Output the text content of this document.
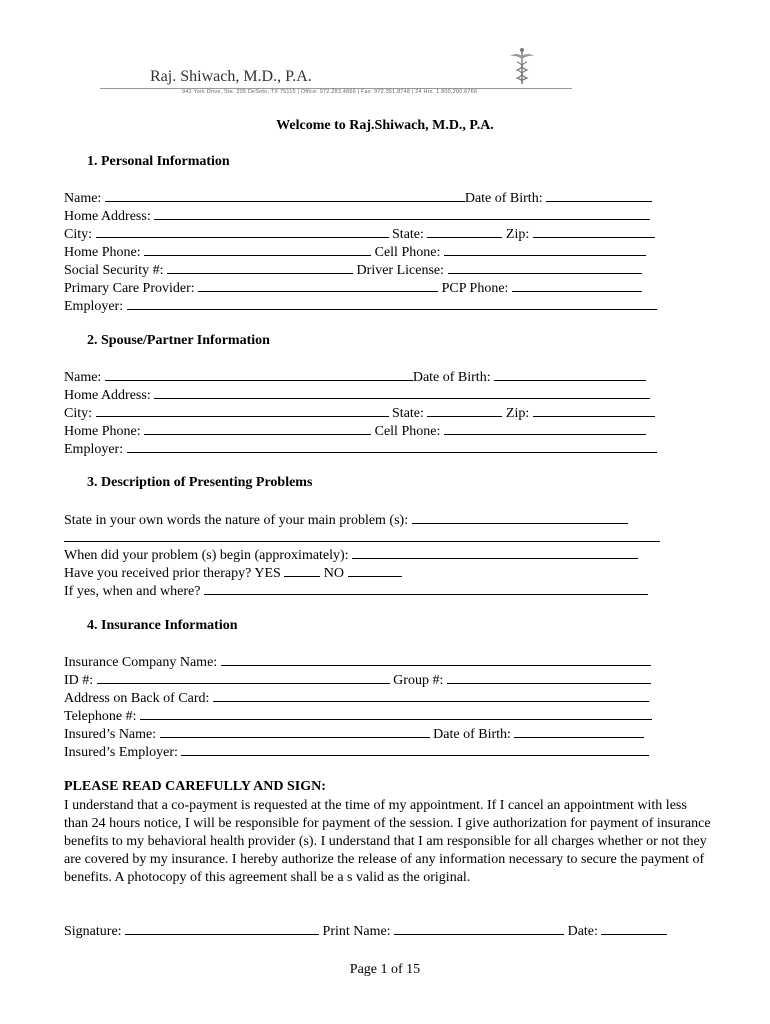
Raj. Shiwach, M.D., P.A.
941 York Drive, Ste. 205 DeSoto, TX 75115 | Office: 972.283.4866 | Fax: 972.351.8748 | 24 Hrs. 1.800.200.6766
Welcome to Raj.Shiwach, M.D., P.A.
1. Personal Information
Name:	Date of Birth:
Home Address:
City:	State:	Zip:
Home Phone:	Cell Phone:
Social Security #:	Driver License:
Primary Care Provider:	PCP Phone:
Employer:
2. Spouse/Partner Information
Name:	Date of Birth:
Home Address:
City:	State:	Zip:
Home Phone:	Cell Phone:
Employer:
3. Description of Presenting Problems
State in your own words the nature of your main problem (s):
When did your problem (s) begin (approximately):
Have you received prior therapy? YES	NO
If yes, when and where?
4. Insurance Information
Insurance Company Name:
ID #:	Group #:
Address on Back of Card:
Telephone #:
Insured’s Name:	Date of Birth:
Insured’s Employer:
PLEASE READ CAREFULLY AND SIGN:
I understand that a co-payment is requested at the time of my appointment. If I cancel an appointment with less than 24 hours notice, I will be responsible for payment of the session. I give authorization for payment of insurance benefits to my behavioral health provider (s). I understand that I am responsible for all charges whether or not they are covered by my insurance. I hereby authorize the release of any information necessary to secure the payment of benefits. A photocopy of this agreement shall be a s valid as the original.
Signature:	Print Name:	Date:
Page 1 of 15
